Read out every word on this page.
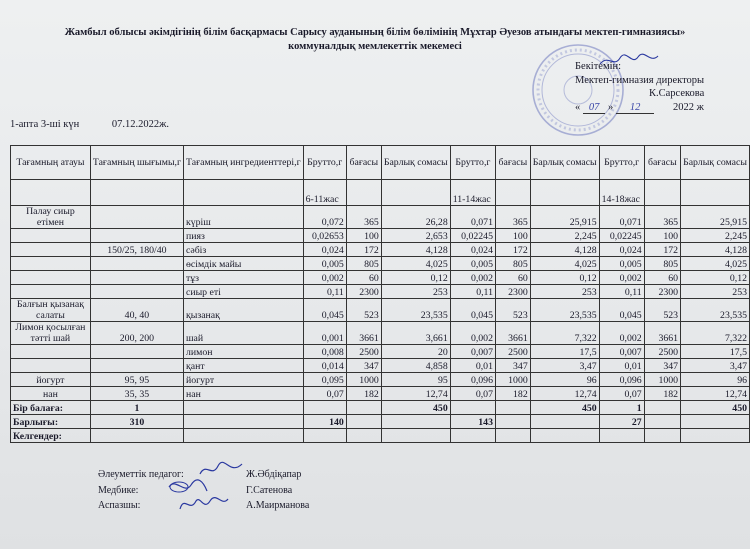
Жамбыл облысы әкімдігінің білім басқармасы Сарысу ауданының білім бөлімінің Мұхтар Әуезов атындағы мектеп-гимназиясы»
коммуналдық мемлекеттік мекемесі
Бекітемін:
Мектеп-гимназия директоры
К.Сарсекова
« 07 » 12	2022 ж
1-апта 3-ші күн	07.12.2022ж.
Тағамның атауы	Тағамның шығымы,г	Тағамның ингредиенттері,г	Брутто,г	бағасы	Барлық сомасы	Брутто,г	бағасы	Барлық сомасы	Брутто,г	бағасы	Барлық сомасы
			6-11жас			11-14жас			14-18жас		
Палау сиыр етімен		күріш	0,072	365	26,28	0,071	365	25,915	0,071	365	25,915
		пияз	0,02653	100	2,653	0,02245	100	2,245	0,02245	100	2,245
	150/25, 180/40	сәбіз	0,024	172	4,128	0,024	172	4,128	0,024	172	4,128
		өсімдік майы	0,005	805	4,025	0,005	805	4,025	0,005	805	4,025
		тұз	0,002	60	0,12	0,002	60	0,12	0,002	60	0,12
		сиыр еті	0,11	2300	253	0,11	2300	253	0,11	2300	253
Балғын қызанақ салаты	40, 40	қызанақ	0,045	523	23,535	0,045	523	23,535	0,045	523	23,535
Лимон қосылған тәтті шай	200, 200	шай	0,001	3661	3,661	0,002	3661	7,322	0,002	3661	7,322
		лимон	0,008	2500	20	0,007	2500	17,5	0,007	2500	17,5
		қант	0,014	347	4,858	0,01	347	3,47	0,01	347	3,47
йогурт	95, 95	йогурт	0,095	1000	95	0,096	1000	96	0,096	1000	96
нан	35, 35	нан	0,07	182	12,74	0,07	182	12,74	0,07	182	12,74
Бір балаға:	1				450			450	1		450
Барлығы:	310		140			143			27		
Келгендер:											
Әлеуметтік педагог:	Ж.Әбдіқапар
Медбике:	Г.Сатенова
Аспазшы:	А.Маирманова
